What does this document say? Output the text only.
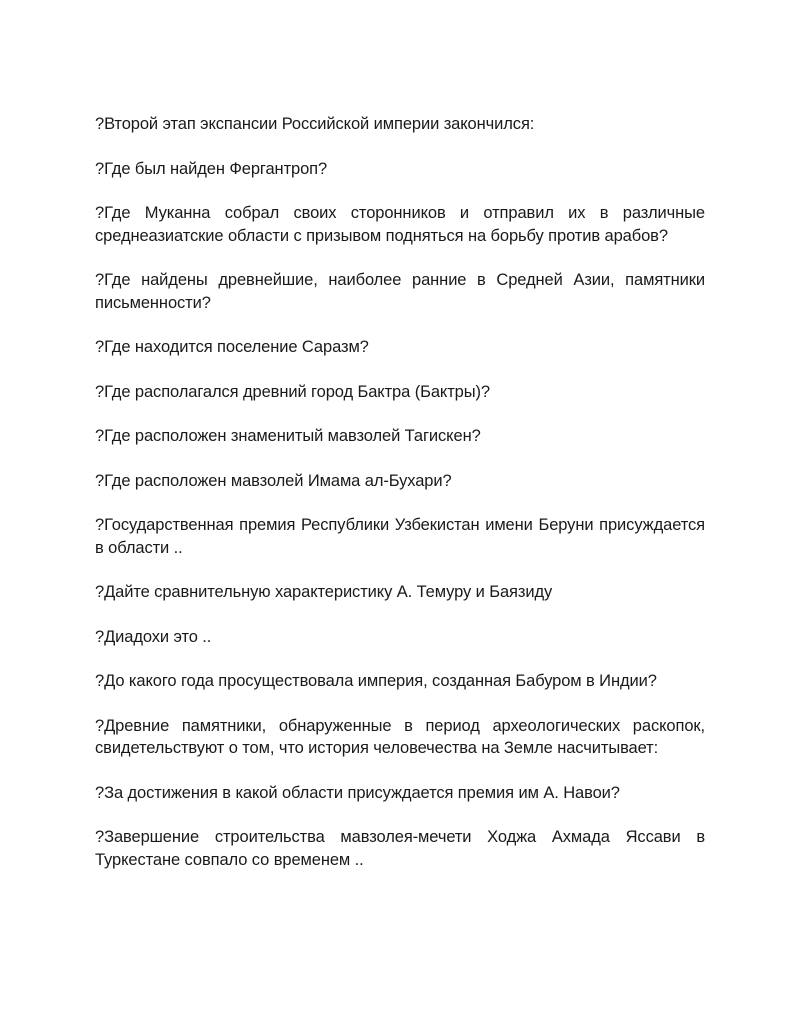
?Второй этап экспансии Российской империи закончился:

?Где был найден Фергантроп?

?Где Муканна собрал своих сторонников и отправил их в различные среднеазиатские области с призывом подняться на борьбу против арабов?

?Где найдены древнейшие, наиболее ранние в Средней Азии, памятники письменности?

?Где находится поселение Саразм?

?Где располагался древний город Бактра (Бактры)?

?Где расположен знаменитый мавзолей Тагискен?

?Где расположен мавзолей Имама ал-Бухари?

?Государственная премия Республики Узбекистан имени Беруни присуждается в области ..

?Дайте сравнительную характеристику А. Темуру и Баязиду

?Диадохи это ..

?До какого года просуществовала империя, созданная Бабуром в Индии?

?Древние памятники, обнаруженные в период археологических раскопок, свидетельствуют о том, что история человечества на Земле насчитывает:

?За достижения в какой области присуждается премия им А. Навои?

?Завершение строительства мавзолея-мечети Ходжа Ахмада Яссави в Туркестане совпало со временем ..
